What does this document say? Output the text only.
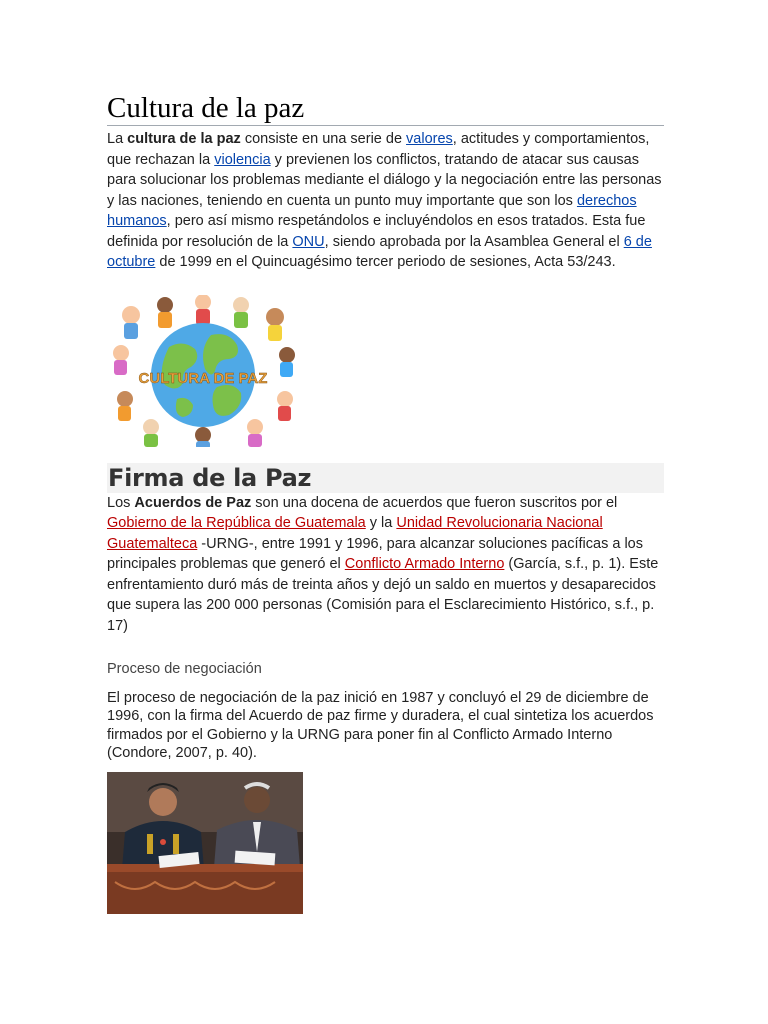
Cultura de la paz

La cultura de la paz consiste en una serie de valores, actitudes y comportamientos, que rechazan la violencia y previenen los conflictos, tratando de atacar sus causas para solucionar los problemas mediante el diálogo y la negociación entre las personas y las naciones, teniendo en cuenta un punto muy importante que son los derechos humanos, pero así mismo respetándolos e incluyéndolos en esos tratados. Esta fue definida por resolución de la ONU, siendo aprobada por la Asamblea General el 6 de octubre de 1999 en el Quincuagésimo tercer periodo de sesiones, Acta 53/243.

CULTURA DE PAZ
Firma de la Paz

Los Acuerdos de Paz son una docena de acuerdos que fueron suscritos por el Gobierno de la República de Guatemala y la Unidad Revolucionaria Nacional Guatemalteca -URNG-, entre 1991 y 1996, para alcanzar soluciones pacíficas a los principales problemas que generó el Conflicto Armado Interno (García, s.f., p. 1). Este enfrentamiento duró más de treinta años y dejó un saldo en muertos y desaparecidos que supera las 200 000 personas (Comisión para el Esclarecimiento Histórico, s.f., p. 17)

Proceso de negociación

El proceso de negociación de la paz inició en 1987 y concluyó el 29 de diciembre de 1996, con la firma del Acuerdo de paz firme y duradera, el cual sintetiza los acuerdos firmados por el Gobierno y la URNG para poner fin al Conflicto Armado Interno (Condore, 2007, p. 40).
